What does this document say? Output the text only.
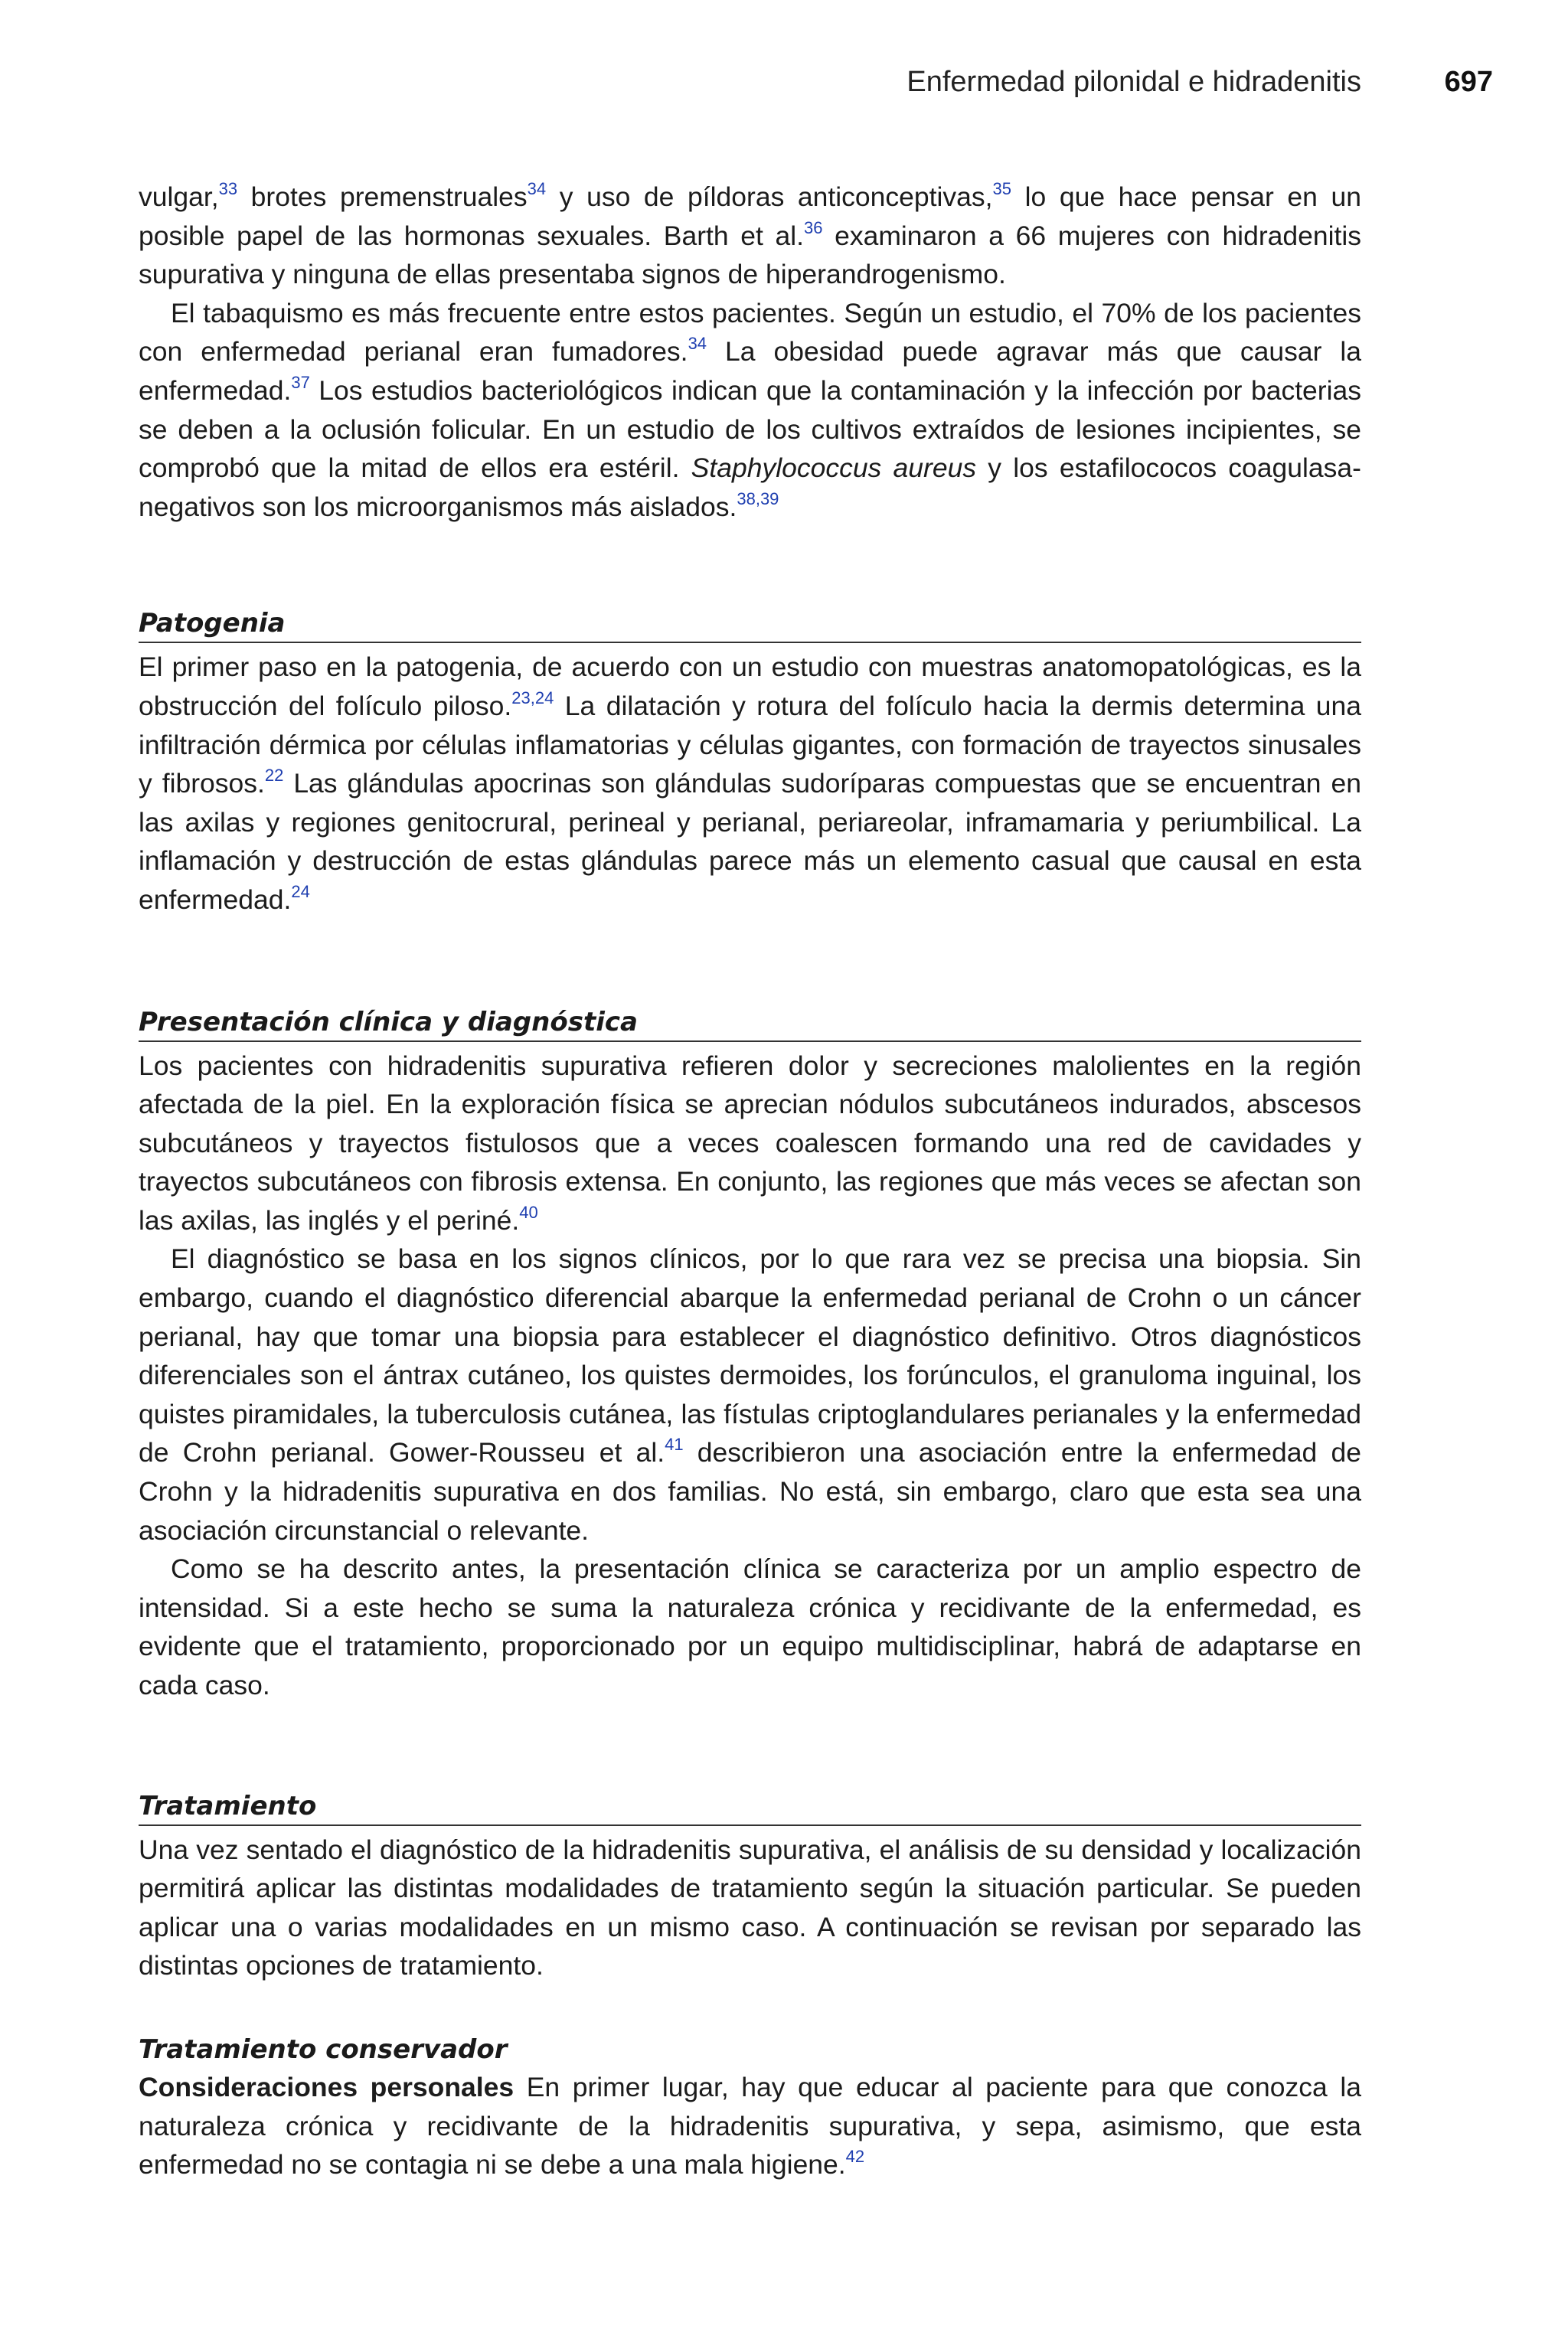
Enfermedad pilonidal e hidradenitis	697

vulgar,$^{33}$ brotes premenstruales$^{34}$ y uso de píldoras anticonceptivas,$^{35}$ lo que hace pensar en un posible papel de las hormonas sexuales. Barth et al.$^{36}$ examinaron a 66 mujeres con hidradenitis supurativa y ninguna de ellas presentaba signos de hiperandrogenismo.

El tabaquismo es más frecuente entre estos pacientes. Según un estudio, el 70% de los pacientes con enfermedad perianal eran fumadores.$^{34}$ La obesidad puede agravar más que causar la enfermedad.$^{37}$ Los estudios bacteriológicos indican que la contaminación y la infección por bacterias se deben a la oclusión folicular. En un estudio de los cultivos extraídos de lesiones incipientes, se comprobó que la mitad de ellos era estéril. Staphylococcus aureus y los estafilococos coagulasa-negativos son los microorganismos más aislados.$^{38,39}$

Patogenia

El primer paso en la patogenia, de acuerdo con un estudio con muestras anatomopatológicas, es la obstrucción del folículo piloso.$^{23,24}$ La dilatación y rotura del folículo hacia la dermis determina una infiltración dérmica por células inflamatorias y células gigantes, con formación de trayectos sinusales y fibrosos.$^{22}$ Las glándulas apocrinas son glándulas sudoríparas compuestas que se encuentran en las axilas y regiones genitocrural, perineal y perianal, periareolar, inframamaria y periumbilical. La inflamación y destrucción de estas glándulas parece más un elemento casual que causal en esta enfermedad.$^{24}$

Presentación clínica y diagnóstica

Los pacientes con hidradenitis supurativa refieren dolor y secreciones malolientes en la región afectada de la piel. En la exploración física se aprecian nódulos subcutáneos indurados, abscesos subcutáneos y trayectos fistulosos que a veces coalescen formando una red de cavidades y trayectos subcutáneos con fibrosis extensa. En conjunto, las regiones que más veces se afectan son las axilas, las inglés y el periné.$^{40}$

El diagnóstico se basa en los signos clínicos, por lo que rara vez se precisa una biopsia. Sin embargo, cuando el diagnóstico diferencial abarque la enfermedad perianal de Crohn o un cáncer perianal, hay que tomar una biopsia para establecer el diagnóstico definitivo. Otros diagnósticos diferenciales son el ántrax cutáneo, los quistes dermoides, los forúnculos, el granuloma inguinal, los quistes piramidales, la tuberculosis cutánea, las fístulas criptoglandulares perianales y la enfermedad de Crohn perianal. Gower-Rousseu et al.$^{41}$ describieron una asociación entre la enfermedad de Crohn y la hidradenitis supurativa en dos familias. No está, sin embargo, claro que esta sea una asociación circunstancial o relevante.

Como se ha descrito antes, la presentación clínica se caracteriza por un amplio espectro de intensidad. Si a este hecho se suma la naturaleza crónica y recidivante de la enfermedad, es evidente que el tratamiento, proporcionado por un equipo multidisciplinar, habrá de adaptarse en cada caso.

Tratamiento

Una vez sentado el diagnóstico de la hidradenitis supurativa, el análisis de su densidad y localización permitirá aplicar las distintas modalidades de tratamiento según la situación particular. Se pueden aplicar una o varias modalidades en un mismo caso. A continuación se revisan por separado las distintas opciones de tratamiento.

Tratamiento conservador

Consideraciones personales En primer lugar, hay que educar al paciente para que conozca la naturaleza crónica y recidivante de la hidradenitis supurativa, y sepa, asimismo, que esta enfermedad no se contagia ni se debe a una mala higiene.$^{42}$
